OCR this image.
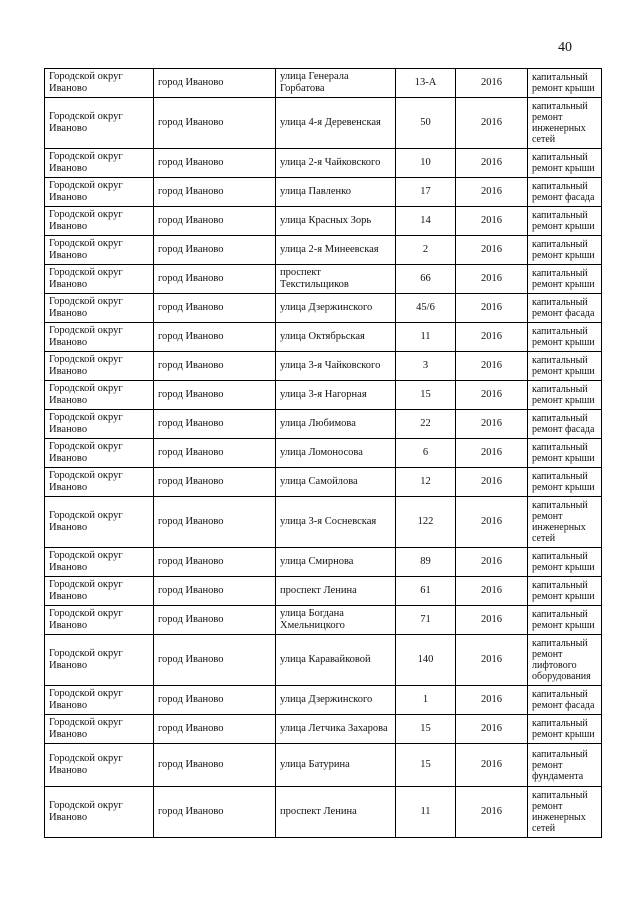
40
Городской округ Иваново	город Иваново	улица Генерала Горбатова	13-А	2016	капитальный ремонт крыши
Городской округ Иваново	город Иваново	улица 4-я Деревенская	50	2016	капитальный ремонт инженерных сетей
Городской округ Иваново	город Иваново	улица 2-я Чайковского	10	2016	капитальный ремонт крыши
Городской округ Иваново	город Иваново	улица Павленко	17	2016	капитальный ремонт фасада
Городской округ Иваново	город Иваново	улица Красных Зорь	14	2016	капитальный ремонт крыши
Городской округ Иваново	город Иваново	улица 2-я Минеевская	2	2016	капитальный ремонт крыши
Городской округ Иваново	город Иваново	проспект Текстильщиков	66	2016	капитальный ремонт крыши
Городской округ Иваново	город Иваново	улица Дзержинского	45/6	2016	капитальный ремонт фасада
Городской округ Иваново	город Иваново	улица Октябрьская	11	2016	капитальный ремонт крыши
Городской округ Иваново	город Иваново	улица 3-я Чайковского	3	2016	капитальный ремонт крыши
Городской округ Иваново	город Иваново	улица 3-я Нагорная	15	2016	капитальный ремонт крыши
Городской округ Иваново	город Иваново	улица Любимова	22	2016	капитальный ремонт фасада
Городской округ Иваново	город Иваново	улица Ломоносова	6	2016	капитальный ремонт крыши
Городской округ Иваново	город Иваново	улица Самойлова	12	2016	капитальный ремонт крыши
Городской округ Иваново	город Иваново	улица 3-я Сосневская	122	2016	капитальный ремонт инженерных сетей
Городской округ Иваново	город Иваново	улица Смирнова	89	2016	капитальный ремонт крыши
Городской округ Иваново	город Иваново	проспект Ленина	61	2016	капитальный ремонт крыши
Городской округ Иваново	город Иваново	улица Богдана Хмельницкого	71	2016	капитальный ремонт крыши
Городской округ Иваново	город Иваново	улица Каравайковой	140	2016	капитальный ремонт лифтового оборудования
Городской округ Иваново	город Иваново	улица Дзержинского	1	2016	капитальный ремонт фасада
Городской округ Иваново	город Иваново	улица Летчика Захарова	15	2016	капитальный ремонт крыши
Городской округ Иваново	город Иваново	улица Батурина	15	2016	капитальный ремонт фундамента
Городской округ Иваново	город Иваново	проспект Ленина	11	2016	капитальный ремонт инженерных сетей
